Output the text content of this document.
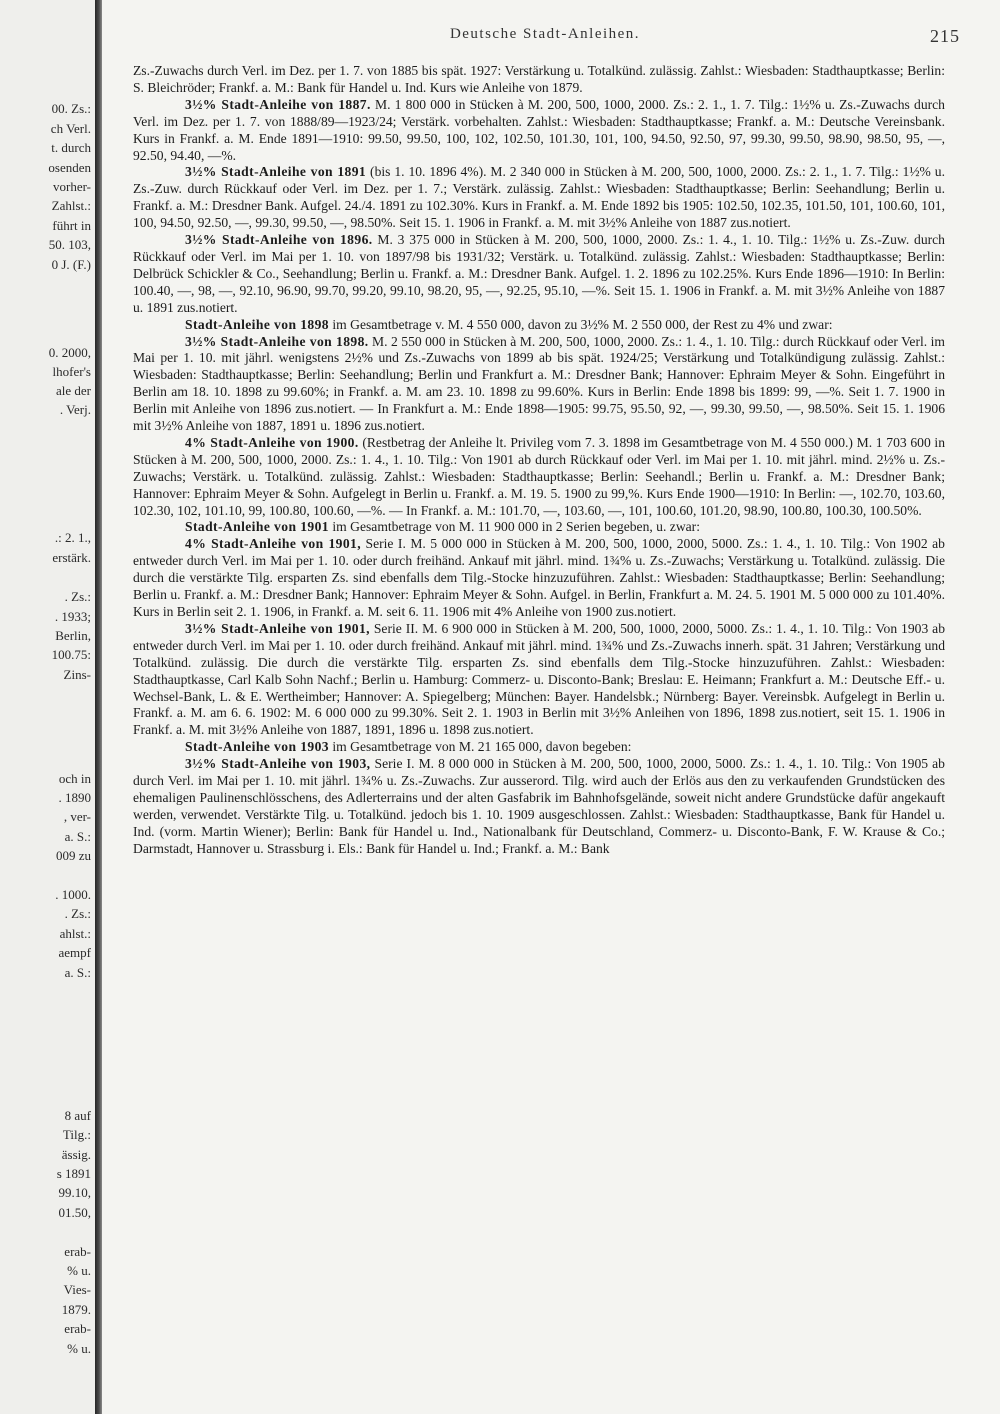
00. Zs.:
ch Verl.
t. durch
osenden
vorher-
Zahlst.:
führt in
50. 103,
0 J. (F.)
0. 2000,
lhofer's
ale der
. Verj.
.: 2. 1.,
erstärk.
. Zs.:
. 1933;
Berlin,
100.75:
Zins-
och in
. 1890
, ver-
a. S.:
009 zu
. 1000.
. Zs.:
ahlst.:
aempf
a. S.:
8 auf
Tilg.:
ässig.
s 1891
99.10,
01.50,
erab-
% u.
Vies-
1879.
erab-
% u.
Deutsche Stadt-Anleihen.	215

Zs.-Zuwachs durch Verl. im Dez. per 1. 7. von 1885 bis spät. 1927: Verstärkung u. Totalkünd. zulässig. Zahlst.: Wiesbaden: Stadthauptkasse; Berlin: S. Bleichröder; Frankf. a. M.: Bank für Handel u. Ind. Kurs wie Anleihe von 1879.

3½% Stadt-Anleihe von 1887. M. 1 800 000 in Stücken à M. 200, 500, 1000, 2000. Zs.: 2. 1., 1. 7. Tilg.: 1½% u. Zs.-Zuwachs durch Verl. im Dez. per 1. 7. von 1888/89—1923/24; Verstärk. vorbehalten. Zahlst.: Wiesbaden: Stadthauptkasse; Frankf. a. M.: Deutsche Vereinsbank. Kurs in Frankf. a. M. Ende 1891—1910: 99.50, 99.50, 100, 102, 102.50, 101.30, 101, 100, 94.50, 92.50, 97, 99.30, 99.50, 98.90, 98.50, 95, —, 92.50, 94.40, —%.

3½% Stadt-Anleihe von 1891 (bis 1. 10. 1896 4%). M. 2 340 000 in Stücken à M. 200, 500, 1000, 2000. Zs.: 2. 1., 1. 7. Tilg.: 1½% u. Zs.-Zuw. durch Rückkauf oder Verl. im Dez. per 1. 7.; Verstärk. zulässig. Zahlst.: Wiesbaden: Stadthauptkasse; Berlin: Seehandlung; Berlin u. Frankf. a. M.: Dresdner Bank. Aufgel. 24./4. 1891 zu 102.30%. Kurs in Frankf. a. M. Ende 1892 bis 1905: 102.50, 102.35, 101.50, 101, 100.60, 101, 100, 94.50, 92.50, —, 99.30, 99.50, —, 98.50%. Seit 15. 1. 1906 in Frankf. a. M. mit 3½% Anleihe von 1887 zus.notiert.

3½% Stadt-Anleihe von 1896. M. 3 375 000 in Stücken à M. 200, 500, 1000, 2000. Zs.: 1. 4., 1. 10. Tilg.: 1½% u. Zs.-Zuw. durch Rückkauf oder Verl. im Mai per 1. 10. von 1897/98 bis 1931/32; Verstärk. u. Totalkünd. zulässig. Zahlst.: Wiesbaden: Stadthauptkasse; Berlin: Delbrück Schickler & Co., Seehandlung; Berlin u. Frankf. a. M.: Dresdner Bank. Aufgel. 1. 2. 1896 zu 102.25%. Kurs Ende 1896—1910: In Berlin: 100.40, —, 98, —, 92.10, 96.90, 99.70, 99.20, 99.10, 98.20, 95, —, 92.25, 95.10, —%. Seit 15. 1. 1906 in Frankf. a. M. mit 3½% Anleihe von 1887 u. 1891 zus.notiert.

Stadt-Anleihe von 1898 im Gesamtbetrage v. M. 4 550 000, davon zu 3½% M. 2 550 000, der Rest zu 4% und zwar:

3½% Stadt-Anleihe von 1898. M. 2 550 000 in Stücken à M. 200, 500, 1000, 2000. Zs.: 1. 4., 1. 10. Tilg.: durch Rückkauf oder Verl. im Mai per 1. 10. mit jährl. wenigstens 2½% und Zs.-Zuwachs von 1899 ab bis spät. 1924/25; Verstärkung und Totalkündigung zulässig. Zahlst.: Wiesbaden: Stadthauptkasse; Berlin: Seehandlung; Berlin und Frankfurt a. M.: Dresdner Bank; Hannover: Ephraim Meyer & Sohn. Eingeführt in Berlin am 18. 10. 1898 zu 99.60%; in Frankf. a. M. am 23. 10. 1898 zu 99.60%. Kurs in Berlin: Ende 1898 bis 1899: 99, —%. Seit 1. 7. 1900 in Berlin mit Anleihe von 1896 zus.notiert. — In Frankfurt a. M.: Ende 1898—1905: 99.75, 95.50, 92, —, 99.30, 99.50, —, 98.50%. Seit 15. 1. 1906 mit 3½% Anleihe von 1887, 1891 u. 1896 zus.notiert.

4% Stadt-Anleihe von 1900. (Restbetrag der Anleihe lt. Privileg vom 7. 3. 1898 im Gesamtbetrage von M. 4 550 000.) M. 1 703 600 in Stücken à M. 200, 500, 1000, 2000. Zs.: 1. 4., 1. 10. Tilg.: Von 1901 ab durch Rückkauf oder Verl. im Mai per 1. 10. mit jährl. mind. 2½% u. Zs.-Zuwachs; Verstärk. u. Totalkünd. zulässig. Zahlst.: Wiesbaden: Stadthauptkasse; Berlin: Seehandl.; Berlin u. Frankf. a. M.: Dresdner Bank; Hannover: Ephraim Meyer & Sohn. Aufgelegt in Berlin u. Frankf. a. M. 19. 5. 1900 zu 99,%. Kurs Ende 1900—1910: In Berlin: —, 102.70, 103.60, 102.30, 102, 101.10, 99, 100.80, 100.60, —%. — In Frankf. a. M.: 101.70, —, 103.60, —, 101, 100.60, 101.20, 98.90, 100.80, 100.30, 100.50%.

Stadt-Anleihe von 1901 im Gesamtbetrage von M. 11 900 000 in 2 Serien begeben, u. zwar:

4% Stadt-Anleihe von 1901, Serie I. M. 5 000 000 in Stücken à M. 200, 500, 1000, 2000, 5000. Zs.: 1. 4., 1. 10. Tilg.: Von 1902 ab entweder durch Verl. im Mai per 1. 10. oder durch freihänd. Ankauf mit jährl. mind. 1¾% u. Zs.-Zuwachs; Verstärkung u. Totalkünd. zulässig. Die durch die verstärkte Tilg. ersparten Zs. sind ebenfalls dem Tilg.-Stocke hinzuzuführen. Zahlst.: Wiesbaden: Stadthauptkasse; Berlin: Seehandlung; Berlin u. Frankf. a. M.: Dresdner Bank; Hannover: Ephraim Meyer & Sohn. Aufgel. in Berlin, Frankfurt a. M. 24. 5. 1901 M. 5 000 000 zu 101.40%. Kurs in Berlin seit 2. 1. 1906, in Frankf. a. M. seit 6. 11. 1906 mit 4% Anleihe von 1900 zus.notiert.

3½% Stadt-Anleihe von 1901, Serie II. M. 6 900 000 in Stücken à M. 200, 500, 1000, 2000, 5000. Zs.: 1. 4., 1. 10. Tilg.: Von 1903 ab entweder durch Verl. im Mai per 1. 10. oder durch freihänd. Ankauf mit jährl. mind. 1¾% und Zs.-Zuwachs innerh. spät. 31 Jahren; Verstärkung und Totalkünd. zulässig. Die durch die verstärkte Tilg. ersparten Zs. sind ebenfalls dem Tilg.-Stocke hinzuzuführen. Zahlst.: Wiesbaden: Stadthauptkasse, Carl Kalb Sohn Nachf.; Berlin u. Hamburg: Commerz- u. Disconto-Bank; Breslau: E. Heimann; Frankfurt a. M.: Deutsche Eff.- u. Wechsel-Bank, L. & E. Wertheimber; Hannover: A. Spiegelberg; München: Bayer. Handelsbk.; Nürnberg: Bayer. Vereinsbk. Aufgelegt in Berlin u. Frankf. a. M. am 6. 6. 1902: M. 6 000 000 zu 99.30%. Seit 2. 1. 1903 in Berlin mit 3½% Anleihen von 1896, 1898 zus.notiert, seit 15. 1. 1906 in Frankf. a. M. mit 3½% Anleihe von 1887, 1891, 1896 u. 1898 zus.notiert.

Stadt-Anleihe von 1903 im Gesamtbetrage von M. 21 165 000, davon begeben:

3½% Stadt-Anleihe von 1903, Serie I. M. 8 000 000 in Stücken à M. 200, 500, 1000, 2000, 5000. Zs.: 1. 4., 1. 10. Tilg.: Von 1905 ab durch Verl. im Mai per 1. 10. mit jährl. 1¾% u. Zs.-Zuwachs. Zur ausserord. Tilg. wird auch der Erlös aus den zu verkaufenden Grundstücken des ehemaligen Paulinenschlösschens, des Adlerterrains und der alten Gasfabrik im Bahnhofsgelände, soweit nicht andere Grundstücke dafür angekauft werden, verwendet. Verstärkte Tilg. u. Totalkünd. jedoch bis 1. 10. 1909 ausgeschlossen. Zahlst.: Wiesbaden: Stadthauptkasse, Bank für Handel u. Ind. (vorm. Martin Wiener); Berlin: Bank für Handel u. Ind., Nationalbank für Deutschland, Commerz- u. Disconto-Bank, F. W. Krause & Co.; Darmstadt, Hannover u. Strassburg i. Els.: Bank für Handel u. Ind.; Frankf. a. M.: Bank
